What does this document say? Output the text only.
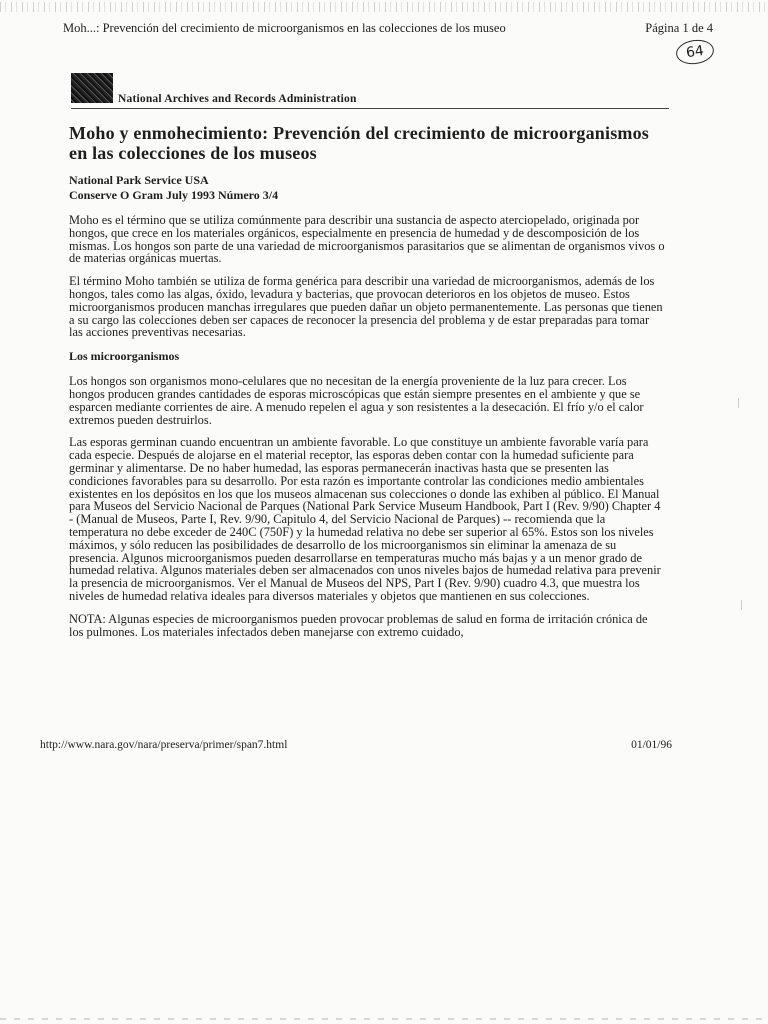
Moh...: Prevención del crecimiento de microorganismos en las colecciones de los museo	Página 1 de 4
64
National Archives and Records Administration
Moho y enmohecimiento: Prevención del crecimiento de microorganismos en las colecciones de los museos
National Park Service USA
Conserve O Gram July 1993 Número 3/4

Moho es el término que se utiliza comúnmente para describir una sustancia de aspecto aterciopelado, originada por hongos, que crece en los materiales orgánicos, especialmente en presencia de humedad y de descomposición de los mismas. Los hongos son parte de una variedad de microorganismos parasitarios que se alimentan de organismos vivos o de materias orgánicas muertas.

El término Moho también se utiliza de forma genérica para describir una variedad de microorganismos, además de los hongos, tales como las algas, óxido, levadura y bacterias, que provocan deterioros en los objetos de museo. Estos microorganismos producen manchas irregulares que pueden dañar un objeto permanentemente. Las personas que tienen a su cargo las colecciones deben ser capaces de reconocer la presencia del problema y de estar preparadas para tomar las acciones preventivas necesarias.

Los microorganismos

Los hongos son organismos mono-celulares que no necesitan de la energía proveniente de la luz para crecer. Los hongos producen grandes cantidades de esporas microscópicas que están siempre presentes en el ambiente y que se esparcen mediante corrientes de aire. A menudo repelen el agua y son resistentes a la desecación. El frío y/o el calor extremos pueden destruirlos.

Las esporas germinan cuando encuentran un ambiente favorable. Lo que constituye un ambiente favorable varía para cada especie. Después de alojarse en el material receptor, las esporas deben contar con la humedad suficiente para germinar y alimentarse. De no haber humedad, las esporas permanecerán inactivas hasta que se presenten las condiciones favorables para su desarrollo. Por esta razón es importante controlar las condiciones medio ambientales existentes en los depósitos en los que los museos almacenan sus colecciones o donde las exhiben al público. El Manual para Museos del Servicio Nacional de Parques (National Park Service Museum Handbook, Part I (Rev. 9/90) Chapter 4 - (Manual de Museos, Parte I, Rev. 9/90, Capitulo 4, del Servicio Nacional de Parques) -- recomienda que la temperatura no debe exceder de 240C (750F) y la humedad relativa no debe ser superior al 65%. Estos son los niveles máximos, y sólo reducen las posibilidades de desarrollo de los microorganismos sin eliminar la amenaza de su presencia. Algunos microorganismos pueden desarrollarse en temperaturas mucho más bajas y a un menor grado de humedad relativa. Algunos materiales deben ser almacenados con unos niveles bajos de humedad relativa para prevenir la presencia de microorganismos. Ver el Manual de Museos del NPS, Part I (Rev. 9/90) cuadro 4.3, que muestra los niveles de humedad relativa ideales para diversos materiales y objetos que mantienen en sus colecciones.

NOTA: Algunas especies de microorganismos pueden provocar problemas de salud en forma de irritación crónica de los pulmones. Los materiales infectados deben manejarse con extremo cuidado,

http://www.nara.gov/nara/preserva/primer/span7.html	01/01/96
